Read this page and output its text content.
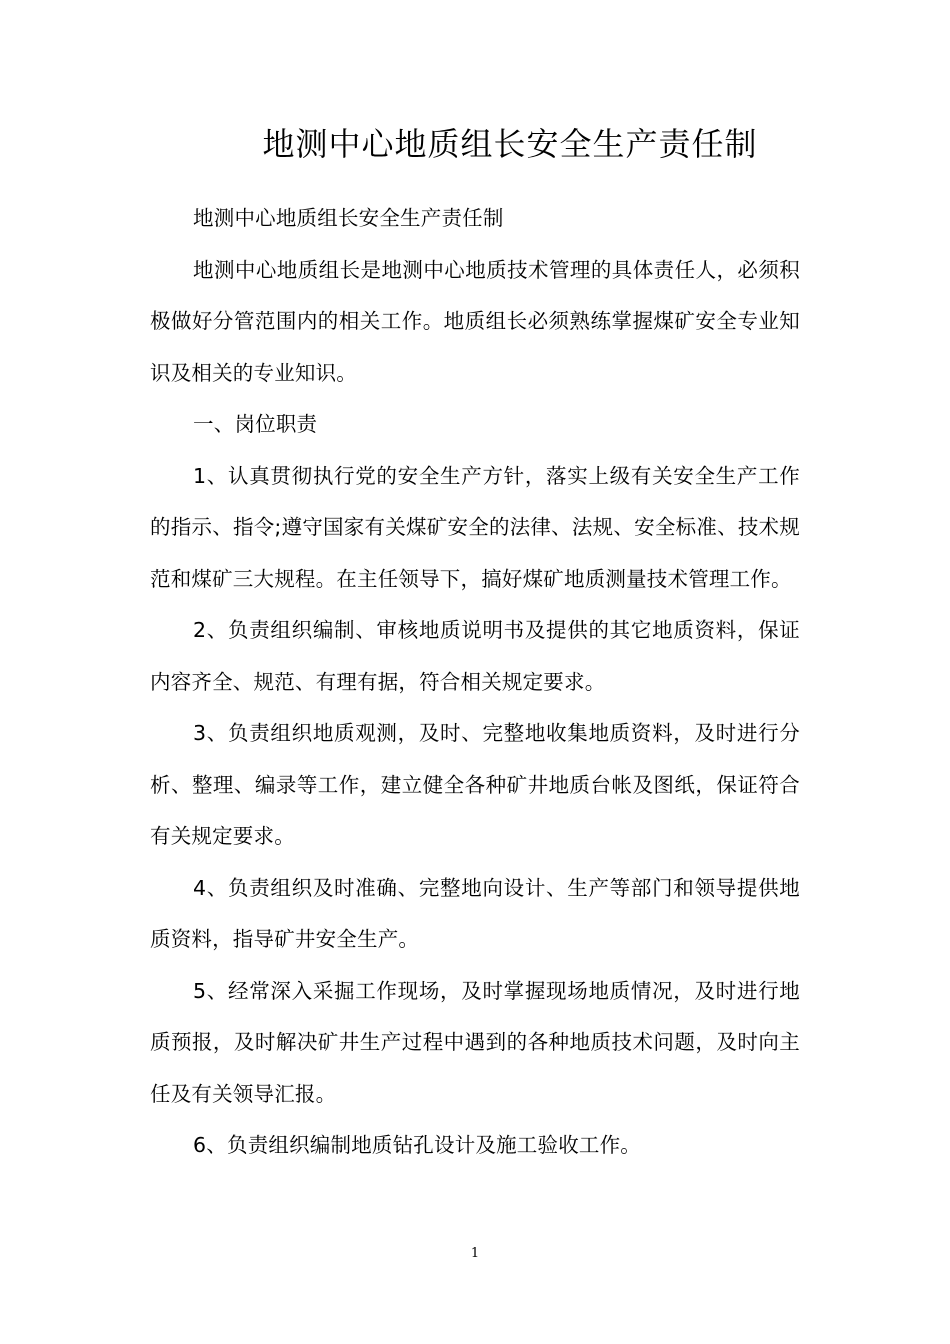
地测中心地质组长安全生产责任制

地测中心地质组长安全生产责任制

地测中心地质组长是地测中心地质技术管理的具体责任人，必须积极做好分管范围内的相关工作。地质组长必须熟练掌握煤矿安全专业知识及相关的专业知识。

一、岗位职责

1、认真贯彻执行党的安全生产方针，落实上级有关安全生产工作的指示、指令;遵守国家有关煤矿安全的法律、法规、安全标准、技术规范和煤矿三大规程。在主任领导下，搞好煤矿地质测量技术管理工作。

2、负责组织编制、审核地质说明书及提供的其它地质资料，保证内容齐全、规范、有理有据，符合相关规定要求。

3、负责组织地质观测，及时、完整地收集地质资料，及时进行分析、整理、编录等工作，建立健全各种矿井地质台帐及图纸，保证符合有关规定要求。

4、负责组织及时准确、完整地向设计、生产等部门和领导提供地质资料，指导矿井安全生产。

5、经常深入采掘工作现场，及时掌握现场地质情况，及时进行地质预报，及时解决矿井生产过程中遇到的各种地质技术问题，及时向主任及有关领导汇报。

6、负责组织编制地质钻孔设计及施工验收工作。

1
